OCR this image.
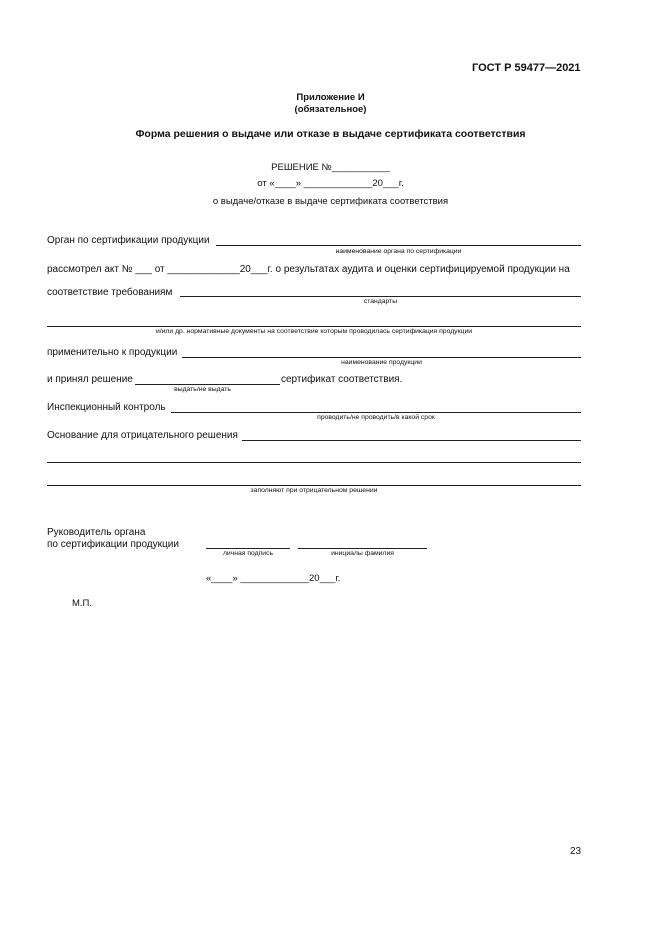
ГОСТ Р 59477—2021
Приложение И
(обязательное)
Форма решения о выдаче или отказе в выдаче сертификата соответствия
РЕШЕНИЕ №___________
от «____» _____________20___г.
о выдаче/отказе в выдаче сертификата соответствия
Орган по сертификации продукции
наименование органа по сертификации
рассмотрел акт № ___ от _____________20___г. о результатах аудита и оценки сертифицируемой продукции на
соответствие требованиям
стандарты
и/или др. нормативные документы на соответствие которым проводилась сертификация продукции
применительно к продукции
наименование продукции
и принял решение	сертификат соответствия.
выдать/не выдать
Инспекционный контроль
проводить/не проводить/в какой срок
Основание для отрицательного решения
заполняют при отрицательном решении
Руководитель органа
по сертификации продукции
личная подпись	инициалы фамилия
«____» _____________20___г.
М.П.
23
